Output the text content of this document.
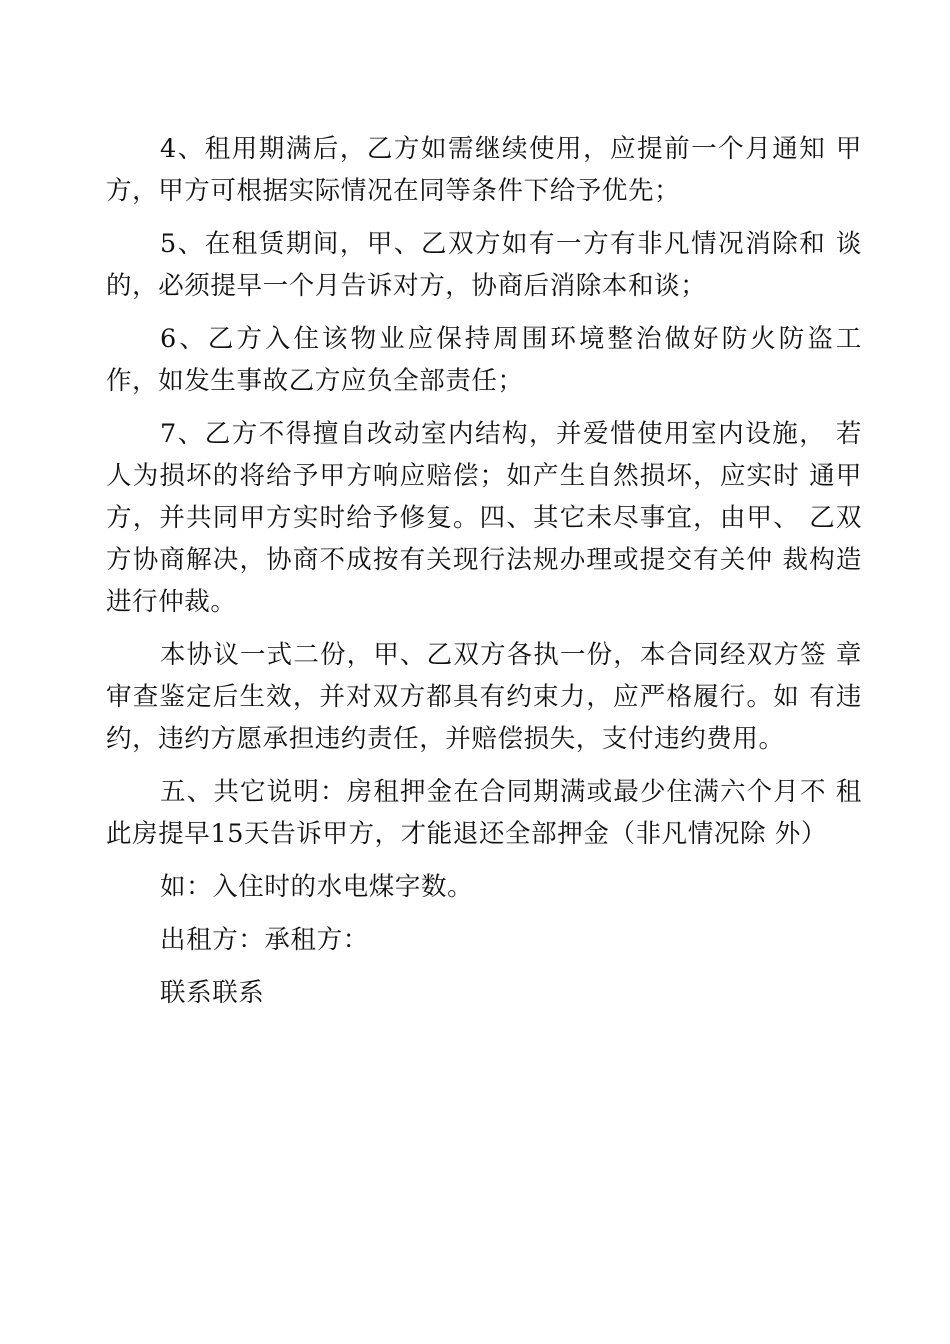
4、租用期满后，乙方如需继续使用，应提前一个月通知 甲方，甲方可根据实际情况在同等条件下给予优先；

5、在租赁期间，甲、乙双方如有一方有非凡情况消除和 谈的，必须提早一个月告诉对方，协商后消除本和谈；

6、乙方入住该物业应保持周围环境整治做好防火防盗工 作，如发生事故乙方应负全部责任；

7、乙方不得擅自改动室内结构，并爱惜使用室内设施， 若人为损坏的将给予甲方响应赔偿；如产生自然损坏，应实时 通甲方，并共同甲方实时给予修复。四、其它未尽事宜，由甲、 乙双方协商解决，协商不成按有关现行法规办理或提交有关仲 裁构造进行仲裁。

本协议一式二份，甲、乙双方各执一份，本合同经双方签 章审查鉴定后生效，并对双方都具有约束力，应严格履行。如 有违约，违约方愿承担违约责任，并赔偿损失，支付违约费用。

五、共它说明：房租押金在合同期满或最少住满六个月不 租此房提早15天告诉甲方，才能退还全部押金（非凡情况除 外）

如：入住时的水电煤字数。

出租方：承租方：

联系联系
